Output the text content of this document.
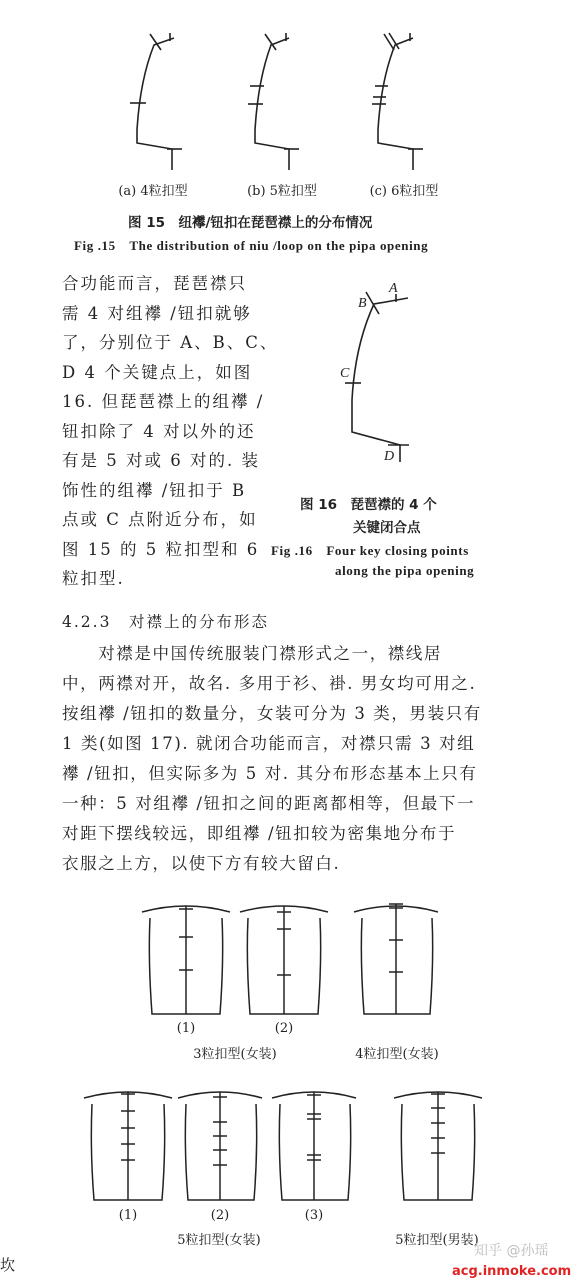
(a) 4粒扣型	(b) 5粒扣型	(c) 6粒扣型
图 15　纽襻/钮扣在琵琶襟上的分布情况
Fig .15　The distribution of niu /loop on the pipa opening
合功能而言，琵琶襟只
需 4 对组襻 /钮扣就够
了，分别位于 A、B、C、
D 4 个关键点上，如图
16. 但琵琶襟上的组襻 /
钮扣除了 4 对以外的还
有是 5 对或 6 对的. 装
饰性的组襻 /钮扣于 B
点或 C 点附近分布，如
图 15 的 5 粒扣型和 6
粒扣型.
A
B
C
D
图 16　琵琶襟的 4 个
关键闭合点
Fig .16　Four key closing points
along the pipa opening
4.2.3　对襟上的分布形态
　　对襟是中国传统服装门襟形式之一，襟线居
中，两襟对开，故名. 多用于衫、褂. 男女均可用之.
按组襻 /钮扣的数量分，女装可分为 3 类，男装只有
1 类(如图 17). 就闭合功能而言，对襟只需 3 对组
襻 /钮扣，但实际多为 5 对. 其分布形态基本上只有
一种：5 对组襻 /钮扣之间的距离都相等，但最下一
对距下摆线较远，即组襻 /钮扣较为密集地分布于
衣服之上方，以使下方有较大留白.
(1)	(2)
3粒扣型(女装)	4粒扣型(女装)
(1)	(2)	(3)
5粒扣型(女装)	5粒扣型(男装)
坎
知乎 @孙瑶
acg.inmoke.com
